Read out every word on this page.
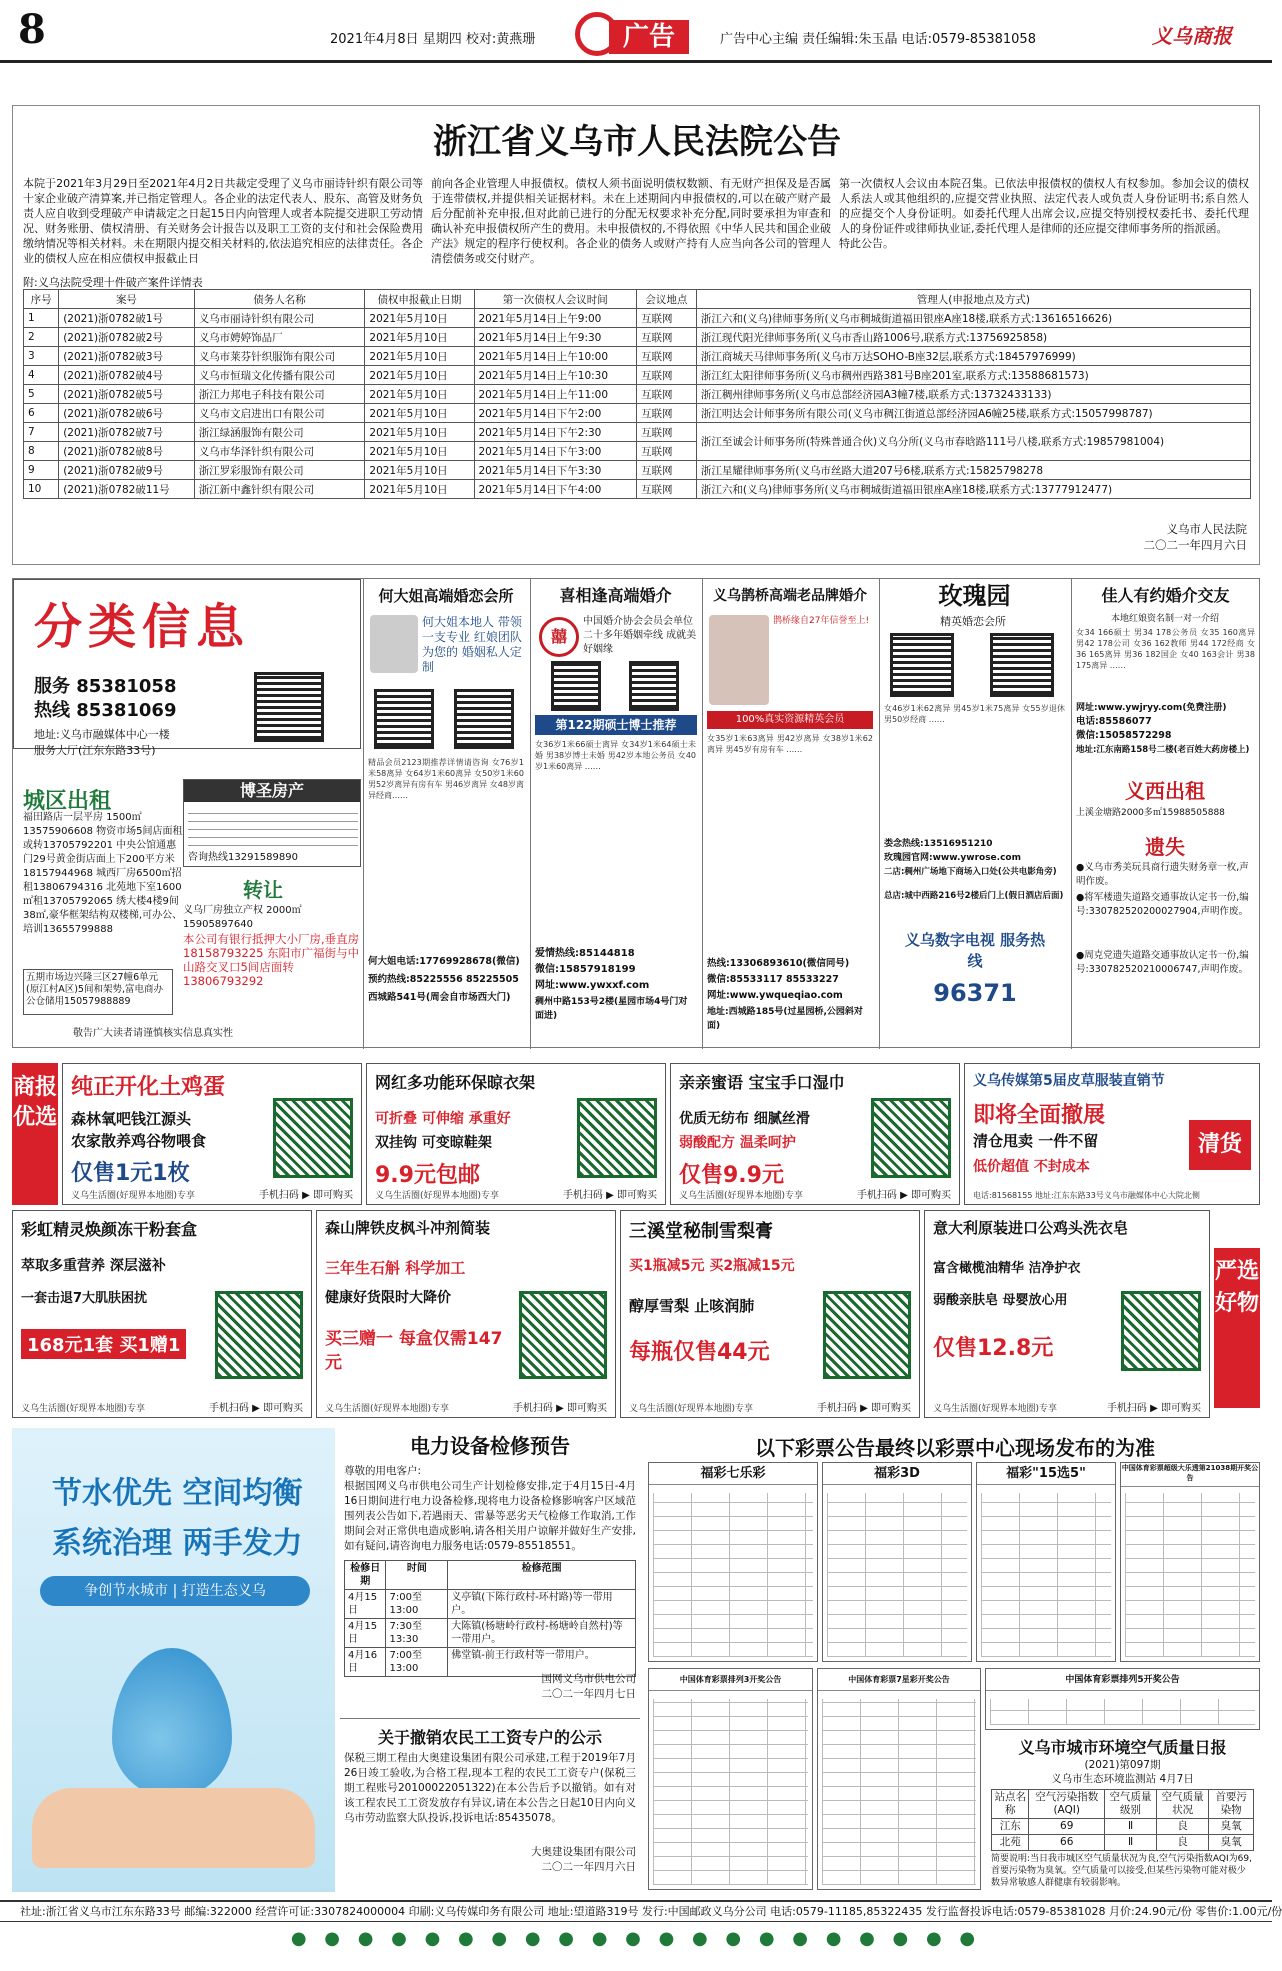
8	2021年4月8日 星期四 校对:黄燕珊	广告	广告中心主编 责任编辑:朱玉晶 电话:0579-85381058	义乌商报
浙江省义乌市人民法院公告
本院于2021年3月29日至2021年4月2日共裁定受理了义乌市丽诗针织有限公司等十家企业破产清算案,并已指定管理人。各企业的法定代表人、股东、高管及财务负责人应自收到受理破产申请裁定之日起15日内向管理人或者本院提交进职工劳动情况、财务账册、债权清册、有关财务会计报告以及职工工资的支付和社会保险费用缴纳情况等相关材料。未在期限内提交相关材料的,依法追究相应的法律责任。各企业的债权人应在相应债权申报截止日
前向各企业管理人申报债权。债权人须书面说明债权数额、有无财产担保及是否属于连带债权,并提供相关证据材料。未在上述期间内申报债权的,可以在破产财产最后分配前补充申报,但对此前已进行的分配无权要求补充分配,同时要承担为审查和确认补充申报债权所产生的费用。未申报债权的,不得依照《中华人民共和国企业破产法》规定的程序行使权利。各企业的债务人或财产持有人应当向各公司的管理人清偿债务或交付财产。
第一次债权人会议由本院召集。已依法申报债权的债权人有权参加。参加会议的债权人系法人或其他组织的,应提交营业执照、法定代表人或负责人身份证明书;系自然人的应提交个人身份证明。如委托代理人出席会议,应提交特别授权委托书、委托代理人的身份证件或律师执业证,委托代理人是律师的还应提交律师事务所的指派函。
特此公告。
附:义乌法院受理十件破产案件详情表
序号	案号	债务人名称	债权申报截止日期	第一次债权人会议时间	会议地点	管理人(申报地点及方式)
1	(2021)浙0782破1号	义乌市丽诗针织有限公司	2021年5月10日	2021年5月14日上午9:00	互联网	浙江六和(义乌)律师事务所(义乌市稠城街道福田银座A座18楼,联系方式:13616516626)
2	(2021)浙0782破2号	义乌市娉婷饰品厂	2021年5月10日	2021年5月14日上午9:30	互联网	浙江现代阳光律师事务所(义乌市香山路1006号,联系方式:13756925858)
3	(2021)浙0782破3号	义乌市莱芬针织服饰有限公司	2021年5月10日	2021年5月14日上午10:00	互联网	浙江商城天马律师事务所(义乌市万达SOHO-B座32层,联系方式:18457976999)
4	(2021)浙0782破4号	义乌市恒瑞文化传播有限公司	2021年5月10日	2021年5月14日上午10:30	互联网	浙江红太阳律师事务所(义乌市稠州西路381号B座201室,联系方式:13588681573)
5	(2021)浙0782破5号	浙江力邦电子科技有限公司	2021年5月10日	2021年5月14日上午11:00	互联网	浙江稠州律师事务所(义乌市总部经济园A3幢7楼,联系方式:13732433133)
6	(2021)浙0782破6号	义乌市文启进出口有限公司	2021年5月10日	2021年5月14日下午2:00	互联网	浙江明达会计师事务所有限公司(义乌市稠江街道总部经济园A6幢25楼,联系方式:15057998787)
7	(2021)浙0782破7号	浙江绿涵服饰有限公司	2021年5月10日	2021年5月14日下午2:30	互联网	浙江至诚会计师事务所(特殊普通合伙)义乌分所(义乌市春晗路111号八楼,联系方式:19857981004)
8	(2021)浙0782破8号	义乌市华泽针织有限公司	2021年5月10日	2021年5月14日下午3:00	互联网	
9	(2021)浙0782破9号	浙江罗彩服饰有限公司	2021年5月10日	2021年5月14日下午3:30	互联网	浙江星耀律师事务所(义乌市丝路大道207号6楼,联系方式:15825798278
10	(2021)浙0782破11号	浙江新中鑫针织有限公司	2021年5月10日	2021年5月14日下午4:00	互联网	浙江六和(义乌)律师事务所(义乌市稠城街道福田银座A座18楼,联系方式:13777912477)
义乌市人民法院
二〇二一年四月六日
分类信息
服务 85381058
热线 85381069
地址:义乌市融媒体中心一楼
服务大厅(江东东路33号)
城区出租
福田路店一层平房 1500㎡13575906608 物资市场5间店面租或转13705792201 中央公馆通惠门29号黄金街店面上下200平方米18157944968 城西厂房6500㎡招租13806794316 北苑地下室1600㎡租13705792065 绣大楼4楼9间38㎡,豪华框架结构双楼梯,可办公、培训13655799888
博圣房产
咨询热线13291589890
转让
义乌厂房独立产权 2000㎡ 15905897640
本公司有银行抵押大小厂房,垂直房 18158793225 东阳市广福街与中山路交叉口5间店面转 13806793292
五期市场边兴隆三区27幢6单元(原江村A区)5间和架势,富电商办公仓储用15057988889
敬告广大读者请谨慎核实信息真实性
何大姐高端婚恋会所
何大姐本地人 带领一支专业 红娘团队为您的 婚姻私人定制
精品会员2123期推荐详情请咨询 女76岁1米58离异 女64岁1米60离异 女50岁1米60 男52岁离异有房有车 男46岁离异 女48岁离异经商……
何大姐电话:17769928678(微信)
预约热线:85225556 85225505
西城路541号(周会自市场西大门)
喜相逢高端婚介
囍
中国婚介协会会员会单位 二十多年婚姻牵线 成就美好姻缘
第122期硕士博士推荐
女36岁1米66硕士离异 女34岁1米64硕士未婚 男38岁博士未婚 男42岁本地公务员 女40岁1米60离异 ……
爱情热线:85144818
微信:15857918199
网址:www.ywxxf.com
稠州中路153号2楼(星园市场4号门对面进)
义乌鹊桥高端老品牌婚介
鹊桥缘自27年信誉至上!
100%真实资源精英会员
女35岁1米63离异 男42岁离异 女38岁1米62离异 男45岁有房有车 ……
热线:13306893610(微信同号)
微信:85533117 85533227
网址:www.ywqueqiao.com
地址:西城路185号(过星园桥,公园斜对面)
玫瑰园
精英婚恋会所
女46岁1米62离异 男45岁1米75离异 女55岁退休 男50岁经商 ……
娄念热线:13516951210
玫瑰园官网:www.ywrose.com
二店:稠州广场地下商场入口处(公共电影角旁)
总店:城中西路216号2楼后门上(假日酒店后面)
义乌数字电视 服务热线
96371
佳人有约婚介交友
本地红娘资名制一对一介绍
女34 166硕士 男34 178公务员 女35 160离异 男42 178公司 女36 162教师 男44 172经商 女36 165离异 男36 182国企 女40 163会计 男38 175离异 ……
网址:www.ywjryy.com(免费注册)
电话:85586077
微信:15058572298
地址:江东南路158号二楼(老百姓大药房楼上)
义西出租
上溪金塘路2000多㎡15988505888
遗失
●义乌市秀美玩具商行遗失财务章一枚,声明作废。
●将军楼遗失道路交通事故认定书一份,编号:330782520200027904,声明作废。
●周克党遗失道路交通事故认定书一份,编号:330782520210006747,声明作废。
商报优选
纯正开化土鸡蛋
森林氧吧钱江源头
农家散养鸡谷物喂食
仅售1元1枚
义乌生活圈(好现界本地圈)专享	手机扫码 ▶ 即可购买
网红多功能环保晾衣架
可折叠 可伸缩 承重好
双挂钩 可变晾鞋架
9.9元包邮
义乌生活圈(好现界本地圈)专享	手机扫码 ▶ 即可购买
亲亲蜜语 宝宝手口湿巾
优质无纺布 细腻丝滑
弱酸配方 温柔呵护
仅售9.9元
义乌生活圈(好现界本地圈)专享	手机扫码 ▶ 即可购买
义乌传媒第5届皮草服装直销节
即将全面撤展
清仓甩卖 一件不留
低价超值 不封成本
清货
电话:81568155 地址:江东东路33号义乌市融媒体中心大院北侧
彩虹精灵焕颜冻干粉套盒
萃取多重营养 深层滋补
一套击退7大肌肤困扰
168元1套 买1赠1
义乌生活圈(好现界本地圈)专享	手机扫码 ▶ 即可购买
森山牌铁皮枫斗冲剂简装
三年生石斛 科学加工
健康好货限时大降价
买三赠一 每盒仅需147元
义乌生活圈(好现界本地圈)专享	手机扫码 ▶ 即可购买
三溪堂秘制雪梨膏
买1瓶减5元 买2瓶减15元
醇厚雪梨 止咳润肺
每瓶仅售44元
义乌生活圈(好现界本地圈)专享	手机扫码 ▶ 即可购买
意大利原装进口公鸡头洗衣皂
富含橄榄油精华 洁净护衣
弱酸亲肤皂 母婴放心用
仅售12.8元
义乌生活圈(好现界本地圈)专享	手机扫码 ▶ 即可购买
严选好物
节水优先 空间均衡
系统治理 两手发力
争创节水城市 | 打造生态义乌
电力设备检修预告
尊敬的用电客户:
根据国网义乌市供电公司生产计划检修安排,定于4月15日-4月16日期间进行电力设备检修,现将电力设备检修影响客户区域范围列表公告如下,若遇雨天、雷暴等恶劣天气检修工作取消,工作期间会对正常供电造成影响,请各相关用户谅解并做好生产安排,如有疑问,请咨询电力服务电话:0579-85518551。
检修日期	时间	检修范围
4月15日	7:00至13:00	义亭镇(下陈行政村-环村路)等一带用户。
4月15日	7:30至13:30	大陈镇(杨塘岭行政村-杨塘岭自然村)等一带用户。
4月16日	7:00至13:00	佛堂镇-前王行政村等一带用户。
国网义乌市供电公司
二〇二一年四月七日
关于撤销农民工工资专户的公示
保税三期工程由大奥建设集团有限公司承建,工程于2019年7月26日竣工验收,为合格工程,现本工程的农民工工资专户(保税三期工程账号20100022051322)在本公告后予以撤销。如有对该工程农民工工资发放存有异议,请在本公告之日起10日内向义乌市劳动监察大队投诉,投诉电话:85435078。
大奥建设集团有限公司
二〇二一年四月六日
以下彩票公告最终以彩票中心现场发布的为准
福彩七乐彩	福彩3D	福彩"15选5"	中国体育彩票超级大乐透第21038期开奖公告
中国体育彩票排列3开奖公告	中国体育彩票7星彩开奖公告	中国体育彩票排列5开奖公告
义乌市城市环境空气质量日报
(2021)第097期
义乌市生态环境监测站 4月7日
站点名称	空气污染指数(AQI)	空气质量级别	空气质量状况	首要污染物
江东	69	Ⅱ	良	臭氧
北苑	66	Ⅱ	良	臭氧
简要说明:当日我市城区空气质量状况为良,空气污染指数AQI为69,首要污染物为臭氧。空气质量可以接受,但某些污染物可能对极少数异常敏感人群健康有较弱影响。
社址:浙江省义乌市江东东路33号 邮编:322000 经营许可证:3307824000004 印刷:义乌传媒印务有限公司 地址:望道路319号 发行:中国邮政义乌分公司 电话:0579-11185,85322435 发行监督投诉电话:0579-85381028 月价:24.90元/份 零售价:1.00元/份
● ● ● ● ● ● ● ● ● ● ● ● ● ● ● ● ● ● ● ● ●
